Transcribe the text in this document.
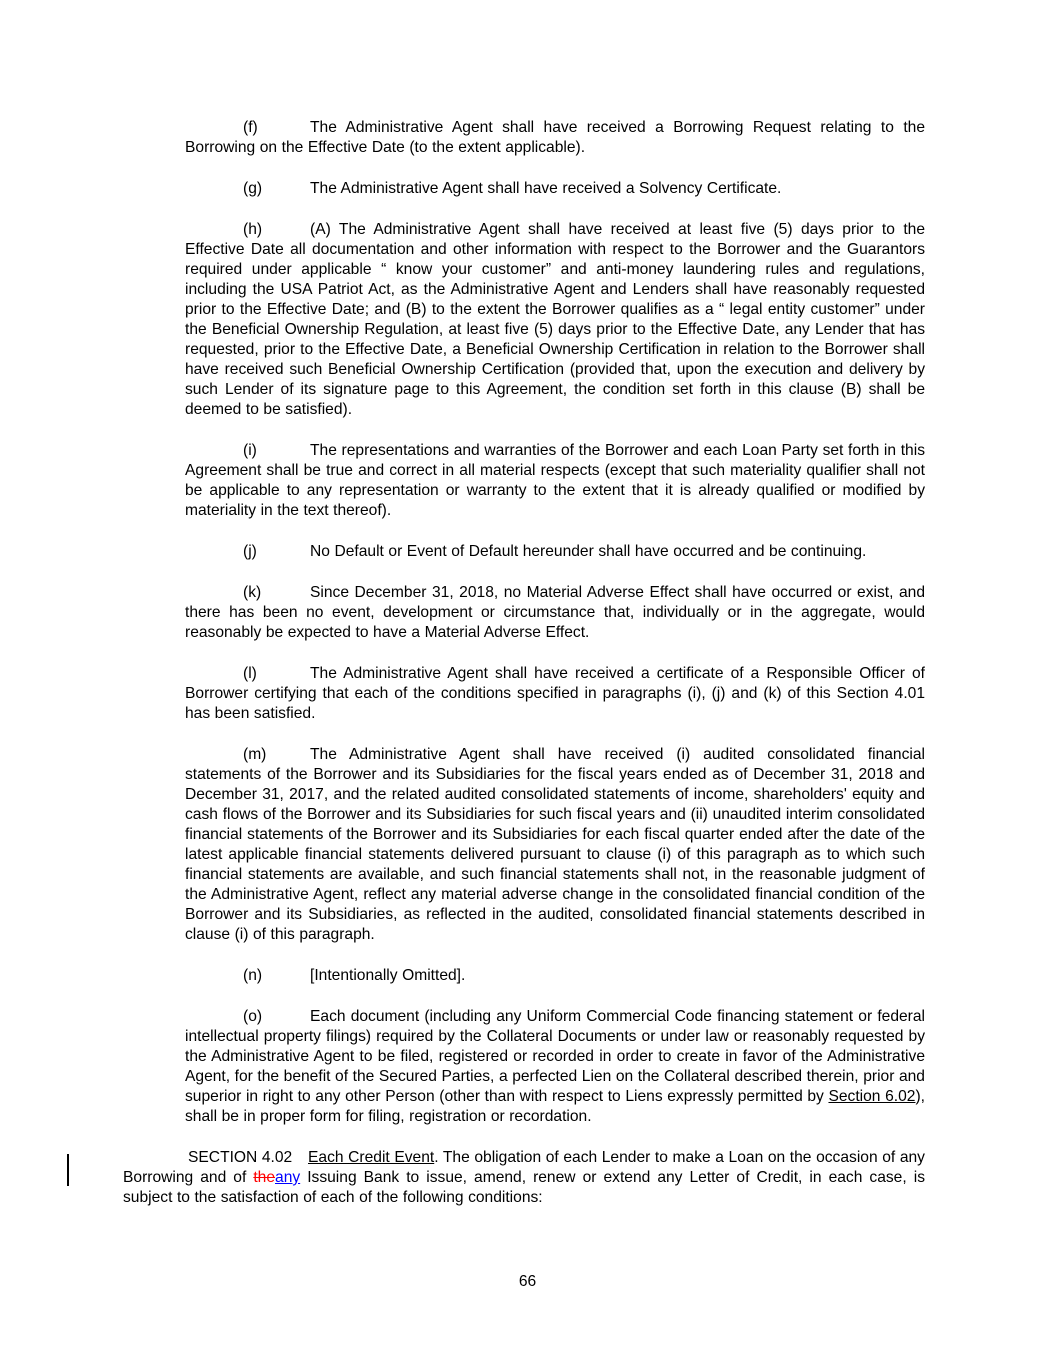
(f)	The Administrative Agent shall have received a Borrowing Request relating to the Borrowing on the Effective Date (to the extent applicable).

(g)	The Administrative Agent shall have received a Solvency Certificate.

(h)	(A) The Administrative Agent shall have received at least five (5) days prior to the Effective Date all documentation and other information with respect to the Borrower and the Guarantors required under applicable “ know your customer” and anti-money laundering rules and regulations, including the USA Patriot Act, as the Administrative Agent and Lenders shall have reasonably requested prior to the Effective Date; and (B) to the extent the Borrower qualifies as a “ legal entity customer” under the Beneficial Ownership Regulation, at least five (5) days prior to the Effective Date, any Lender that has requested, prior to the Effective Date, a Beneficial Ownership Certification in relation to the Borrower shall have received such Beneficial Ownership Certification (provided that, upon the execution and delivery by such Lender of its signature page to this Agreement, the condition set forth in this clause (B) shall be deemed to be satisfied).

(i)	The representations and warranties of the Borrower and each Loan Party set forth in this Agreement shall be true and correct in all material respects (except that such materiality qualifier shall not be applicable to any representation or warranty to the extent that it is already qualified or modified by materiality in the text thereof).

(j)	No Default or Event of Default hereunder shall have occurred and be continuing.

(k)	Since December 31, 2018, no Material Adverse Effect shall have occurred or exist, and there has been no event, development or circumstance that, individually or in the aggregate, would reasonably be expected to have a Material Adverse Effect.

(l)	The Administrative Agent shall have received a certificate of a Responsible Officer of Borrower certifying that each of the conditions specified in paragraphs (i), (j) and (k) of this Section 4.01 has been satisfied.

(m)	The Administrative Agent shall have received (i) audited consolidated financial statements of the Borrower and its Subsidiaries for the fiscal years ended as of December 31, 2018 and December 31, 2017, and the related audited consolidated statements of income, shareholders' equity and cash flows of the Borrower and its Subsidiaries for such fiscal years and (ii) unaudited interim consolidated financial statements of the Borrower and its Subsidiaries for each fiscal quarter ended after the date of the latest applicable financial statements delivered pursuant to clause (i) of this paragraph as to which such financial statements are available, and such financial statements shall not, in the reasonable judgment of the Administrative Agent, reflect any material adverse change in the consolidated financial condition of the Borrower and its Subsidiaries, as reflected in the audited, consolidated financial statements described in clause (i) of this paragraph.

(n)	[Intentionally Omitted].

(o)	Each document (including any Uniform Commercial Code financing statement or federal intellectual property filings) required by the Collateral Documents or under law or reasonably requested by the Administrative Agent to be filed, registered or recorded in order to create in favor of the Administrative Agent, for the benefit of the Secured Parties, a perfected Lien on the Collateral described therein, prior and superior in right to any other Person (other than with respect to Liens expressly permitted by Section 6.02), shall be in proper form for filing, registration or recordation.

SECTION 4.02 Each Credit Event. The obligation of each Lender to make a Loan on the occasion of any Borrowing and of theany Issuing Bank to issue, amend, renew or extend any Letter of Credit, in each case, is subject to the satisfaction of each of the following conditions:

66
